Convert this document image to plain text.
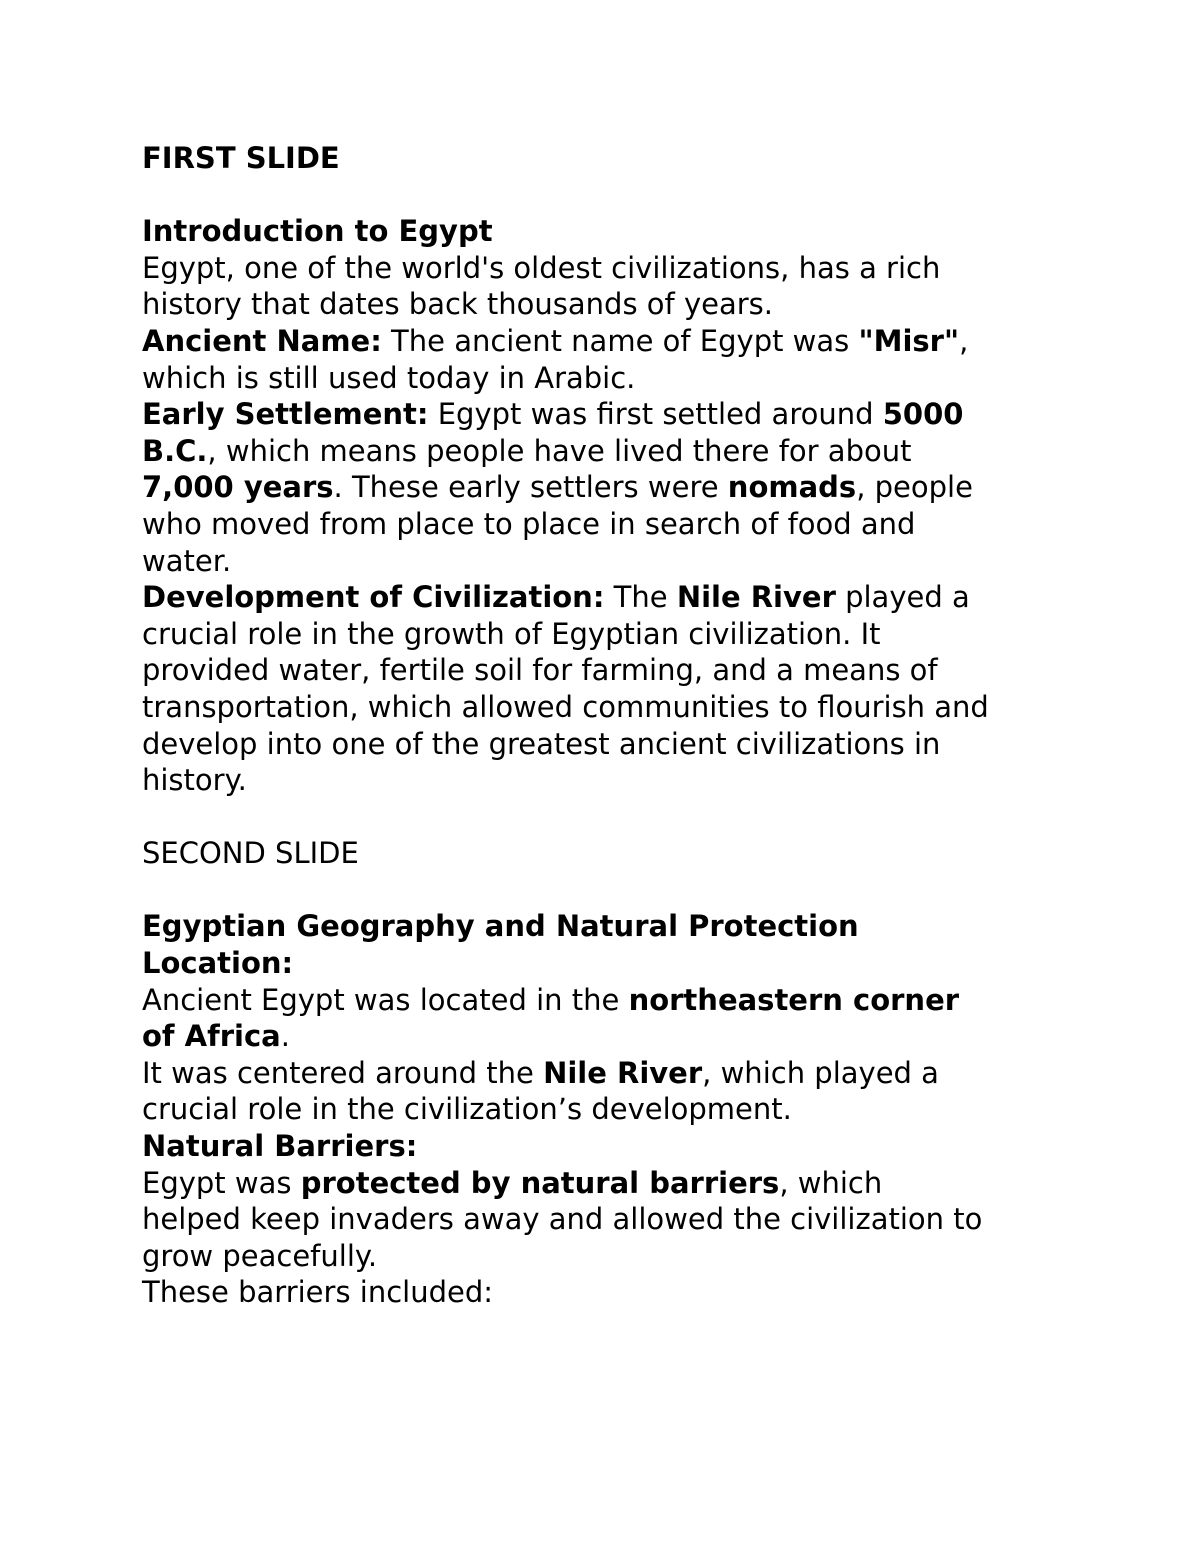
FIRST SLIDE
Introduction to Egypt
Egypt, one of the world's oldest civilizations, has a rich
history that dates back thousands of years.
Ancient Name: The ancient name of Egypt was "Misr",
which is still used today in Arabic.
Early Settlement: Egypt was first settled around 5000
B.C., which means people have lived there for about
7,000 years. These early settlers were nomads, people
who moved from place to place in search of food and
water.
Development of Civilization: The Nile River played a
crucial role in the growth of Egyptian civilization. It
provided water, fertile soil for farming, and a means of
transportation, which allowed communities to flourish and
develop into one of the greatest ancient civilizations in
history.
SECOND SLIDE
Egyptian Geography and Natural Protection
Location:
Ancient Egypt was located in the northeastern corner
of Africa.
It was centered around the Nile River, which played a
crucial role in the civilization’s development.
Natural Barriers:
Egypt was protected by natural barriers, which
helped keep invaders away and allowed the civilization to
grow peacefully.
These barriers included:
